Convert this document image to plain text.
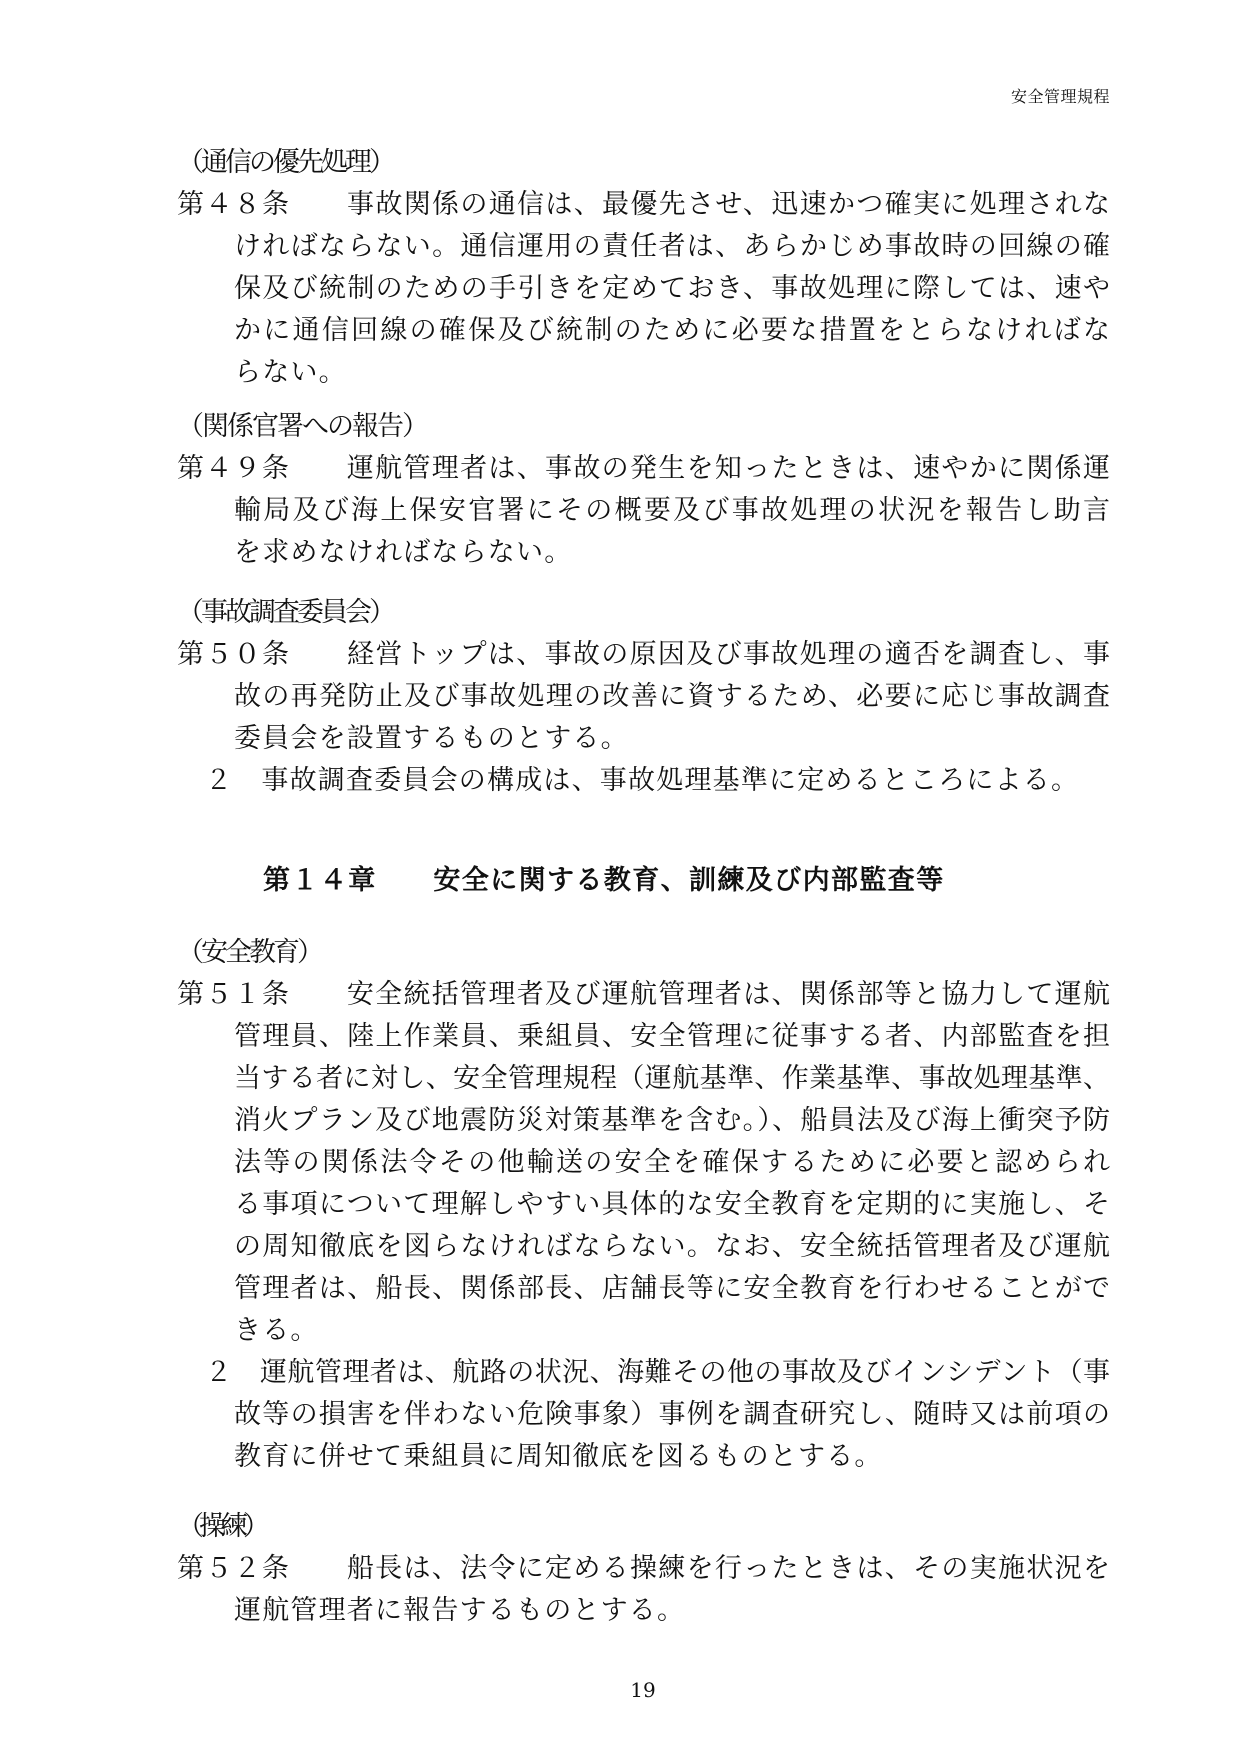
安全管理規程
（通信の優先処理）
第４８条　　事故関係の通信は、最優先させ、迅速かつ確実に処理されな
ければならない。通信運用の責任者は、あらかじめ事故時の回線の確
保及び統制のための手引きを定めておき、事故処理に際しては、速や
かに通信回線の確保及び統制のために必要な措置をとらなければな
らない。
（関係官署への報告）
第４９条　　運航管理者は、事故の発生を知ったときは、速やかに関係運
輸局及び海上保安官署にその概要及び事故処理の状況を報告し助言
を求めなければならない。
（事故調査委員会）
第５０条　　経営トップは、事故の原因及び事故処理の適否を調査し、事
故の再発防止及び事故処理の改善に資するため、必要に応じ事故調査
委員会を設置するものとする。
２　事故調査委員会の構成は、事故処理基準に定めるところによる。
第１４章　　安全に関する教育、訓練及び内部監査等
（安全教育）
第５１条　　安全統括管理者及び運航管理者は、関係部等と協力して運航
管理員、陸上作業員、乗組員、安全管理に従事する者、内部監査を担
当する者に対し、安全管理規程（運航基準、作業基準、事故処理基準、
消火プラン及び地震防災対策基準を含む。）、船員法及び海上衝突予防
法等の関係法令その他輸送の安全を確保するために必要と認められ
る事項について理解しやすい具体的な安全教育を定期的に実施し、そ
の周知徹底を図らなければならない。なお、安全統括管理者及び運航
管理者は、船長、関係部長、店舗長等に安全教育を行わせることがで
きる。
２　運航管理者は、航路の状況、海難その他の事故及びインシデント（事
故等の損害を伴わない危険事象）事例を調査研究し、随時又は前項の
教育に併せて乗組員に周知徹底を図るものとする。
（操練）
第５２条　　船長は、法令に定める操練を行ったときは、その実施状況を
運航管理者に報告するものとする。
19
